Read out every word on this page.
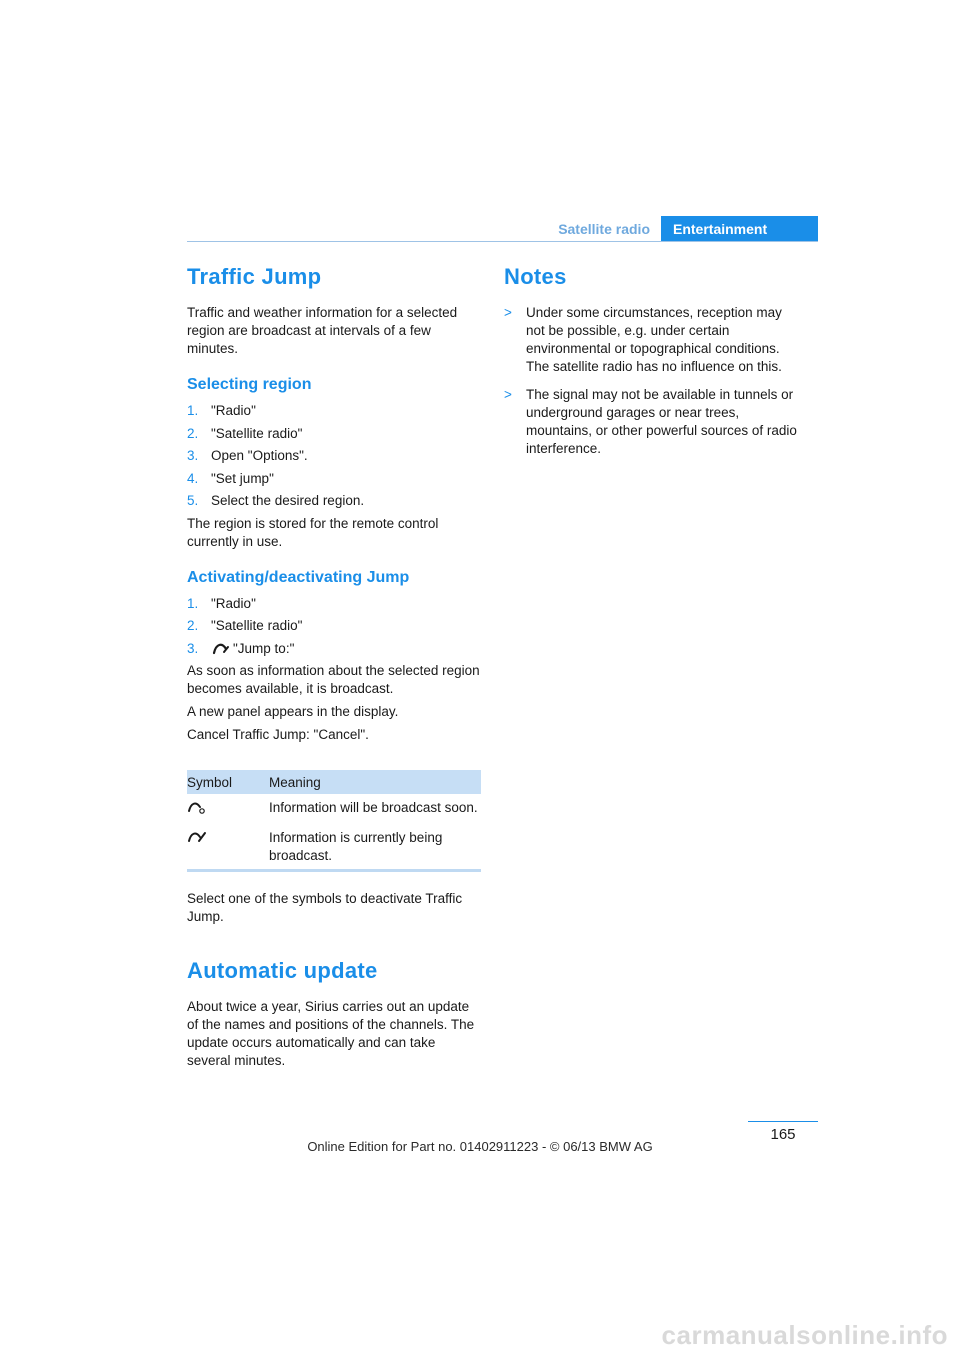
Satellite radio	Entertainment
Traffic Jump

Traffic and weather information for a selected region are broadcast at intervals of a few minutes.

Selecting region
1. "Radio"
2. "Satellite radio"
3. Open "Options".
4. "Set jump"
5. Select the desired region.

The region is stored for the remote control currently in use.

Activating/deactivating Jump
1. "Radio"
2. "Satellite radio"
3.	"Jump to:"

As soon as information about the selected region becomes available, it is broadcast.

A new panel appears in the display.

Cancel Traffic Jump: "Cancel".

Symbol	Meaning
	Information will be broadcast soon.
	Information is currently being broadcast.

Select one of the symbols to deactivate Traffic Jump.

Automatic update

About twice a year, Sirius carries out an update of the names and positions of the channels. The update occurs automatically and can take several minutes.

Notes
>	Under some circumstances, reception may not be possible, e.g. under certain environmental or topographical conditions. The satellite radio has no influence on this.
>	The signal may not be available in tunnels or underground garages or near trees, mountains, or other powerful sources of radio interference.
165
Online Edition for Part no. 01402911223 - © 06/13 BMW AG
carmanualsonline.info
